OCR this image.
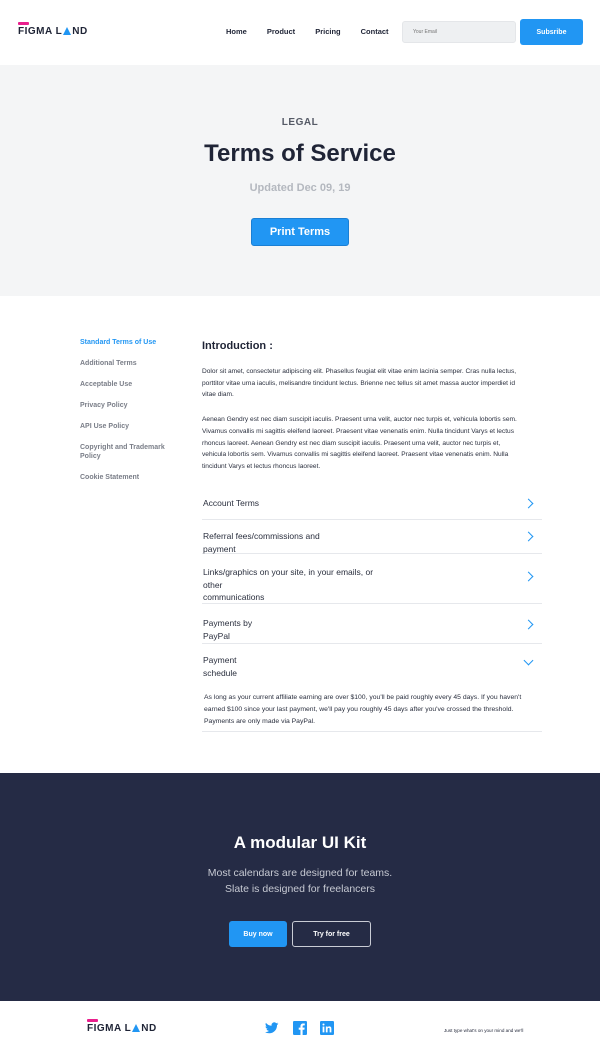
FIGMA L ND	Home	Product	Pricing	Contact
Your Email	Subsribe
LEGAL
Terms of Service
Updated Dec 09, 19
Print Terms
Standard Terms of Use
Additional Terms
Acceptable Use
Privacy Policy
API Use Policy
Copyright and Trademark Policy
Cookie Statement
Introduction :

Dolor sit amet, consectetur adipiscing elit. Phasellus feugiat elit vitae enim lacinia semper. Cras nulla lectus, porttitor vitae urna iaculis, melisandre tincidunt lectus. Brienne nec tellus sit amet massa auctor imperdiet id vitae diam.

Aenean Gendry est nec diam suscipit iaculis. Praesent urna velit, auctor nec turpis et, vehicula lobortis sem. Vivamus convallis mi sagittis eleifend laoreet. Praesent vitae venenatis enim. Nulla tincidunt Varys et lectus rhoncus laoreet. Aenean Gendry est nec diam suscipit iaculis. Praesent urna velit, auctor nec turpis et, vehicula lobortis sem. Vivamus convallis mi sagittis eleifend laoreet. Praesent vitae venenatis enim. Nulla tincidunt Varys et lectus rhoncus laoreet.

Account Terms
Referral fees/commissions and
payment
Links/graphics on your site, in your emails, or
other
communications
Payments by
PayPal
Payment
schedule
As long as your current affiliate earning are over $100, you'll be paid roughly every 45 days. If you haven't earned $100 since your last payment, we'll pay you roughly 45 days after you've crossed the threshold. Payments are only made via PayPal.
A modular UI Kit
Most calendars are designed for teams.
Slate is designed for freelancers
Buy now	Try for free
FIGMA L ND	Just type what's on your mind and we'll
